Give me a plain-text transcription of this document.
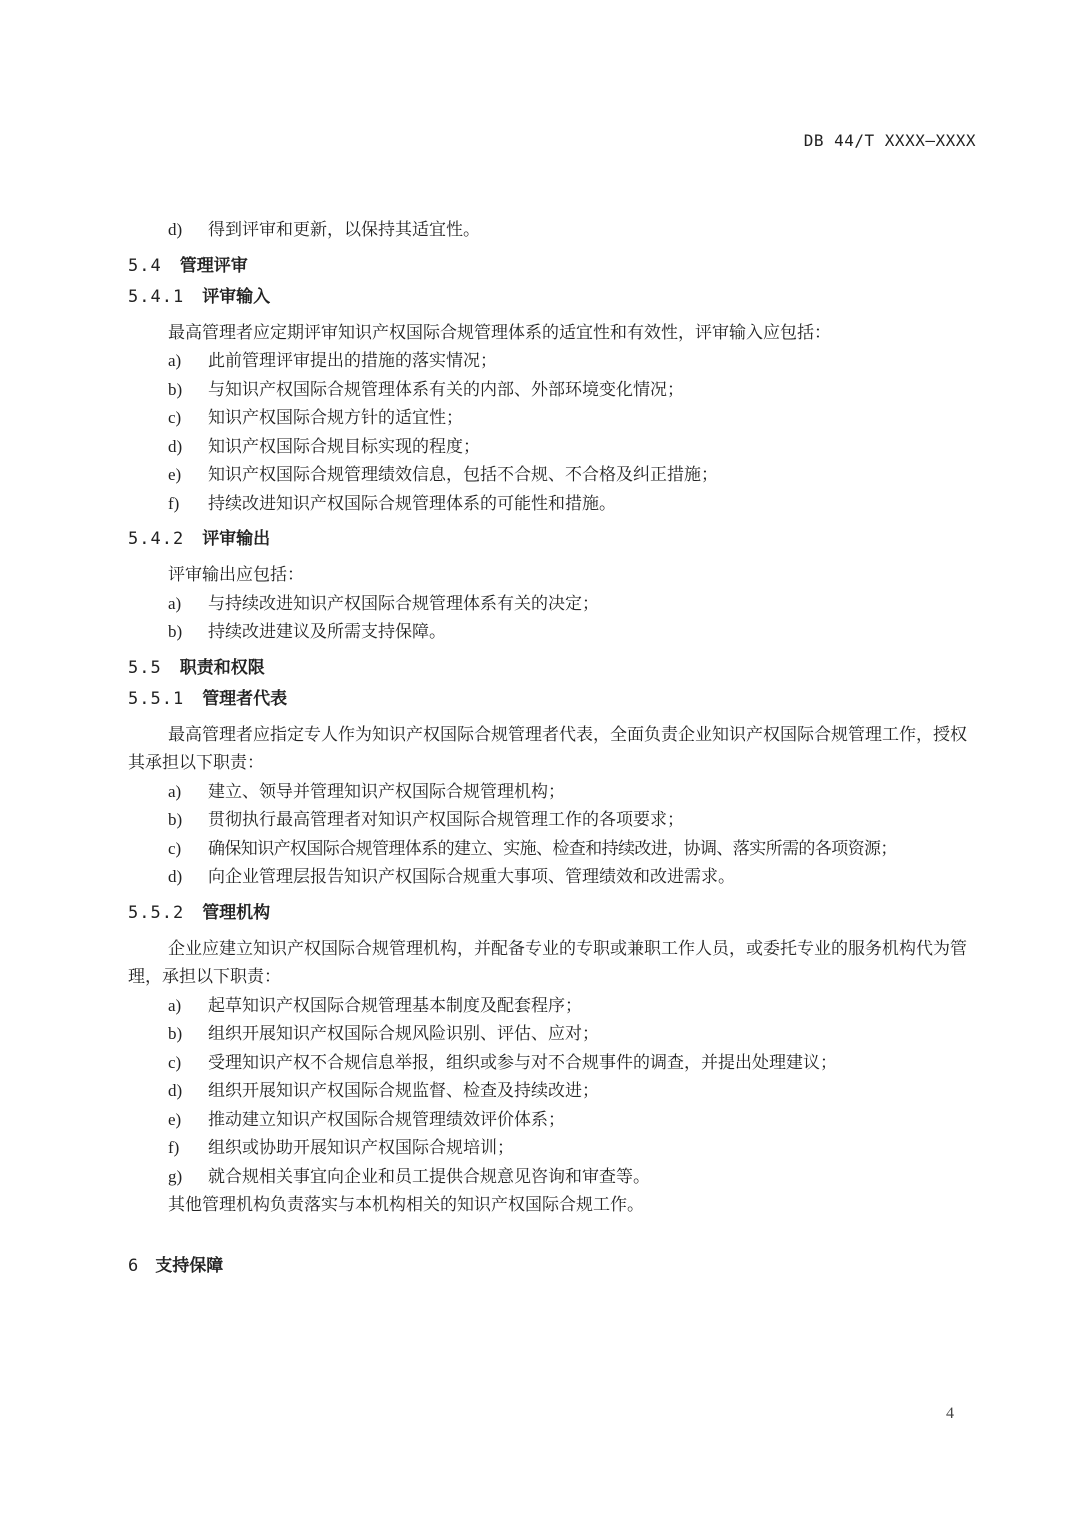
DB 44/T XXXX—XXXX
d)	得到评审和更新，以保持其适宜性。
5.4 管理评审
5.4.1 评审输入
最高管理者应定期评审知识产权国际合规管理体系的适宜性和有效性，评审输入应包括：
a)	此前管理评审提出的措施的落实情况；
b)	与知识产权国际合规管理体系有关的内部、外部环境变化情况；
c)	知识产权国际合规方针的适宜性；
d)	知识产权国际合规目标实现的程度；
e)	知识产权国际合规管理绩效信息，包括不合规、不合格及纠正措施；
f)	持续改进知识产权国际合规管理体系的可能性和措施。
5.4.2 评审输出
评审输出应包括：
a)	与持续改进知识产权国际合规管理体系有关的决定；
b)	持续改进建议及所需支持保障。
5.5 职责和权限
5.5.1 管理者代表
最高管理者应指定专人作为知识产权国际合规管理者代表，全面负责企业知识产权国际合规管理工作，授权其承担以下职责：
a)	建立、领导并管理知识产权国际合规管理机构；
b)	贯彻执行最高管理者对知识产权国际合规管理工作的各项要求；
c)	确保知识产权国际合规管理体系的建立、实施、检查和持续改进，协调、落实所需的各项资源；
d)	向企业管理层报告知识产权国际合规重大事项、管理绩效和改进需求。
5.5.2 管理机构
企业应建立知识产权国际合规管理机构，并配备专业的专职或兼职工作人员，或委托专业的服务机构代为管理，承担以下职责：
a)	起草知识产权国际合规管理基本制度及配套程序；
b)	组织开展知识产权国际合规风险识别、评估、应对；
c)	受理知识产权不合规信息举报，组织或参与对不合规事件的调查，并提出处理建议；
d)	组织开展知识产权国际合规监督、检查及持续改进；
e)	推动建立知识产权国际合规管理绩效评价体系；
f)	组织或协助开展知识产权国际合规培训；
g)	就合规相关事宜向企业和员工提供合规意见咨询和审查等。
其他管理机构负责落实与本机构相关的知识产权国际合规工作。
6 支持保障
4
